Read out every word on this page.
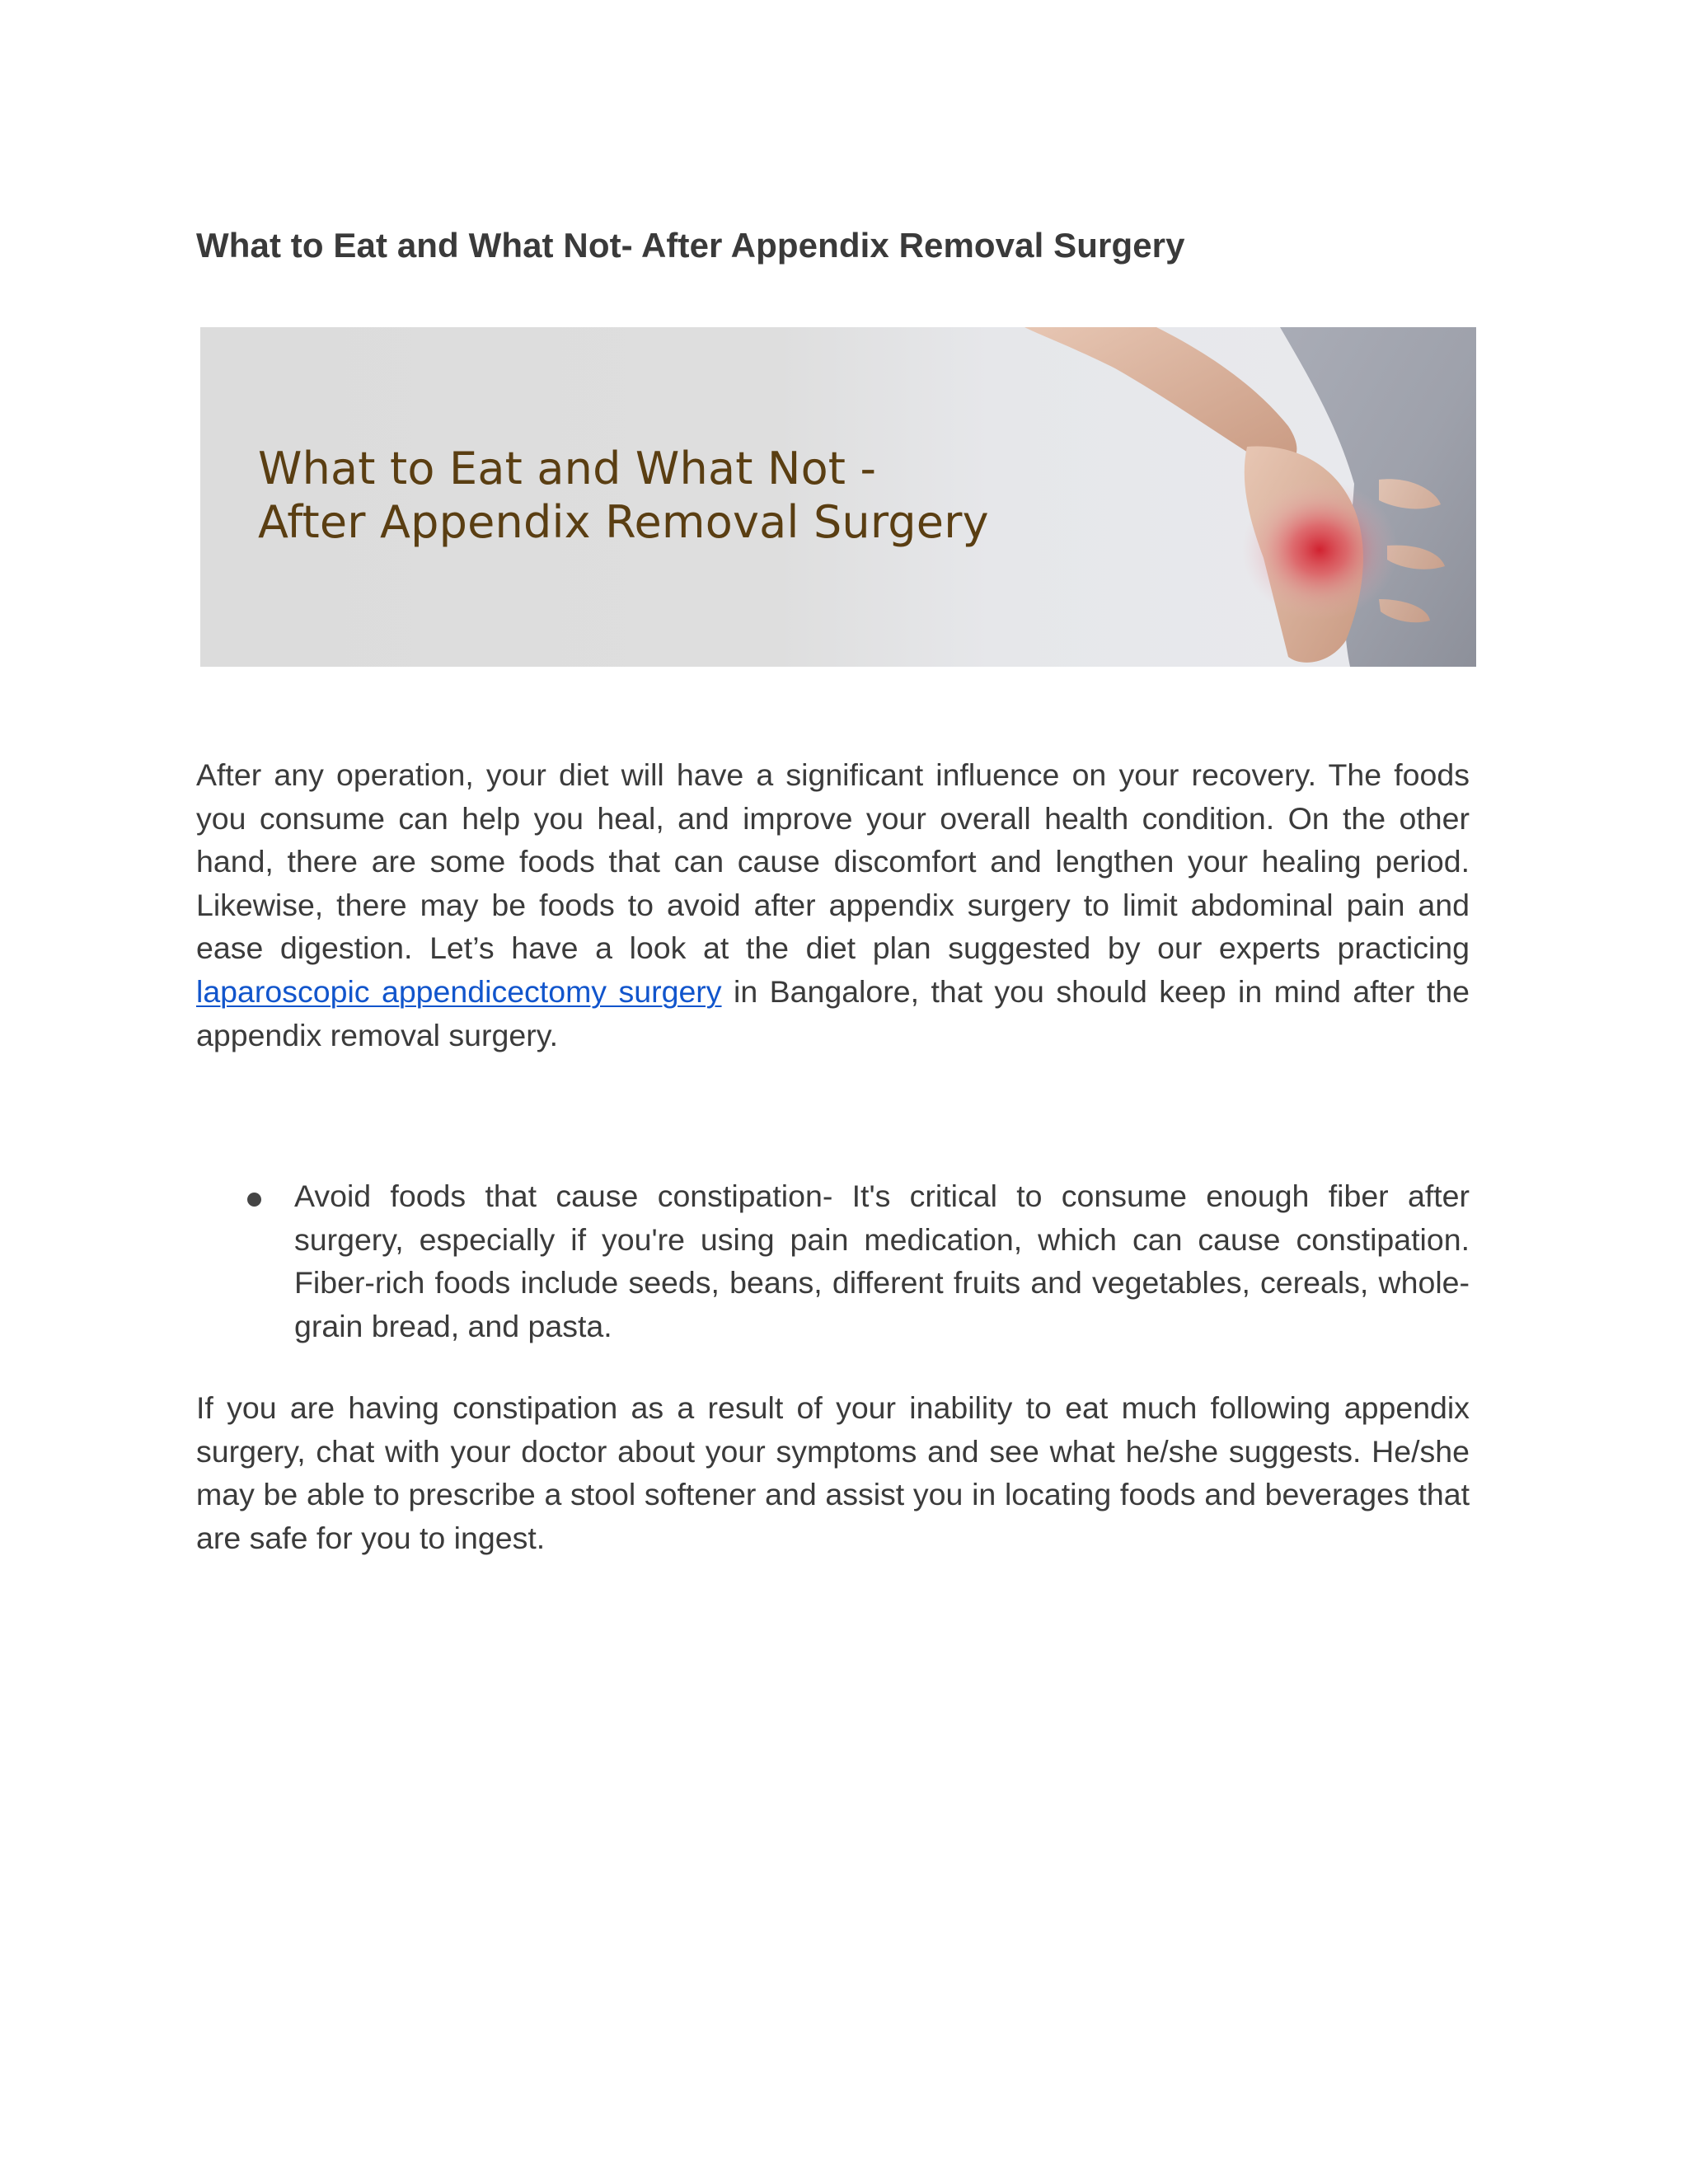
What to Eat and What Not- After Appendix Removal Surgery
What to Eat and What Not -
After Appendix Removal Surgery

After any operation, your diet will have a significant influence on your recovery. The foods you consume can help you heal, and improve your overall health condition. On the other hand, there are some foods that can cause discomfort and lengthen your healing period. Likewise, there may be foods to avoid after appendix surgery to limit abdominal pain and ease digestion. Let’s have a look at the diet plan suggested by our experts practicing laparoscopic appendicectomy surgery in Bangalore, that you should keep in mind after the appendix removal surgery.

Avoid foods that cause constipation- It's critical to consume enough fiber after surgery, especially if you're using pain medication, which can cause constipation. Fiber-rich foods include seeds, beans, different fruits and vegetables, cereals, whole-grain bread, and pasta.

If you are having constipation as a result of your inability to eat much following appendix surgery, chat with your doctor about your symptoms and see what he/she suggests. He/she may be able to prescribe a stool softener and assist you in locating foods and beverages that are safe for you to ingest.
